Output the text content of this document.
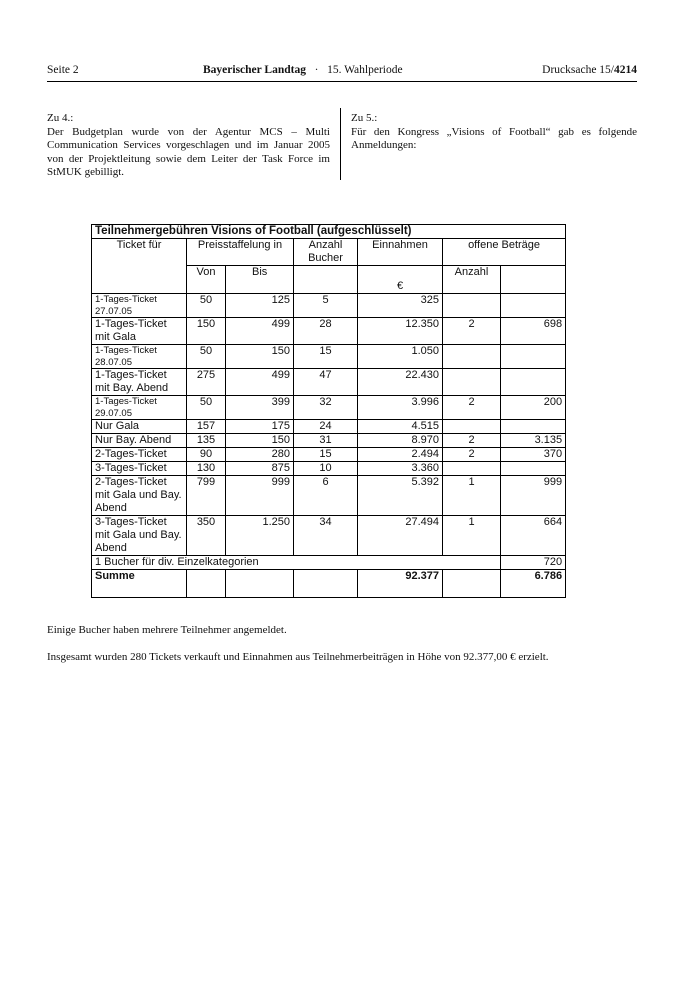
Seite 2	Bayerischer Landtag · 15. Wahlperiode	Drucksache 15/4214

Zu 4.:

Der Budgetplan wurde von der Agentur MCS – Multi Communication Services vorgeschlagen und im Januar 2005 von der Projektleitung sowie dem Leiter der Task Force im StMUK gebilligt.

Zu 5.:

Für den Kongress „Visions of Football“ gab es folgende Anmeldungen:

Teilnehmergebühren Visions of Football (aufgeschlüsselt)						
Ticket für	Preisstaffelung in		Anzahl Bucher	Einnahmen	offene Beträge	
	Von	Bis		€	Anzahl	
1-Tages-Ticket 27.07.05	50	125	5	325		
1-Tages-Ticket mit Gala	150	499	28	12.350	2	698
1-Tages-Ticket 28.07.05	50	150	15	1.050		
1-Tages-Ticket mit Bay. Abend	275	499	47	22.430		
1-Tages-Ticket 29.07.05	50	399	32	3.996	2	200
Nur Gala	157	175	24	4.515		
Nur Bay. Abend	135	150	31	8.970	2	3.135
2-Tages-Ticket	90	280	15	2.494	2	370
3-Tages-Ticket	130	875	10	3.360		
2-Tages-Ticket mit Gala und Bay. Abend	799	999	6	5.392	1	999
3-Tages-Ticket mit Gala und Bay. Abend	350	1.250	34	27.494	1	664
1 Bucher für div. Einzelkategorien						720
Summe				92.377		6.786
Einige Bucher haben mehrere Teilnehmer angemeldet.
Insgesamt wurden 280 Tickets verkauft und Einnahmen aus Teilnehmerbeiträgen in Höhe von 92.377,00 € erzielt.
